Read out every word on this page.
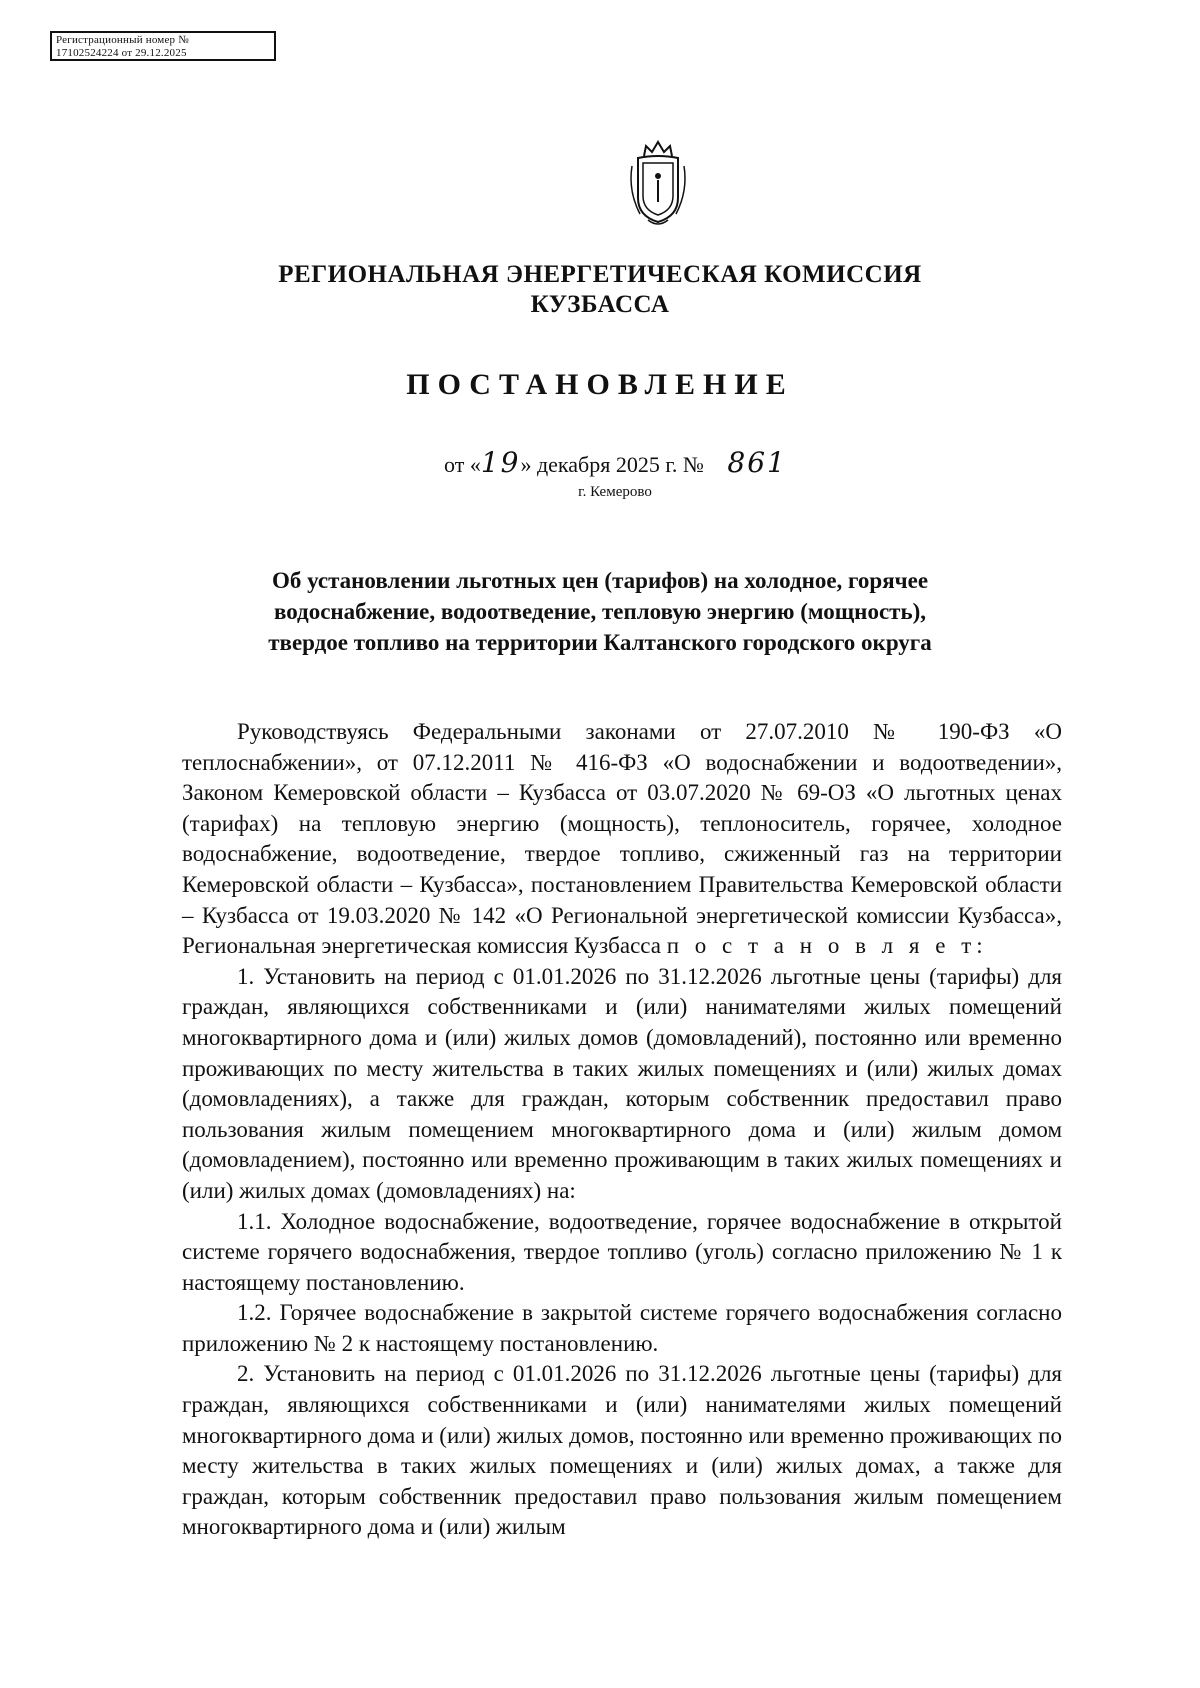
Регистрационный номер №
17102524224 от 29.12.2025
РЕГИОНАЛЬНАЯ ЭНЕРГЕТИЧЕСКАЯ КОМИССИЯ
КУЗБАССА
ПОСТАНОВЛЕНИЕ
от «19» декабря 2025 г. № 861
г. Кемерово
Об установлении льготных цен (тарифов) на холодное, горячее
водоснабжение, водоотведение, тепловую энергию (мощность),
твердое топливо на территории Калтанского городского округа

Руководствуясь Федеральными законами от 27.07.2010 № 190-ФЗ «О теплоснабжении», от 07.12.2011 № 416-ФЗ «О водоснабжении и водоотведении», Законом Кемеровской области – Кузбасса от 03.07.2020 № 69-ОЗ «О льготных ценах (тарифах) на тепловую энергию (мощность), теплоноситель, горячее, холодное водоснабжение, водоотведение, твердое топливо, сжиженный газ на территории Кемеровской области – Кузбасса», постановлением Правительства Кемеровской области – Кузбасса от 19.03.2020 № 142 «О Региональной энергетической комиссии Кузбасса», Региональная энергетическая комиссия Кузбасса п о с т а н о в л я е т:

1. Установить на период с 01.01.2026 по 31.12.2026 льготные цены (тарифы) для граждан, являющихся собственниками и (или) нанимателями жилых помещений многоквартирного дома и (или) жилых домов (домовладений), постоянно или временно проживающих по месту жительства в таких жилых помещениях и (или) жилых домах (домовладениях), а также для граждан, которым собственник предоставил право пользования жилым помещением многоквартирного дома и (или) жилым домом (домовладением), постоянно или временно проживающим в таких жилых помещениях и (или) жилых домах (домовладениях) на:

1.1. Холодное водоснабжение, водоотведение, горячее водоснабжение в открытой системе горячего водоснабжения, твердое топливо (уголь) согласно приложению № 1 к настоящему постановлению.

1.2. Горячее водоснабжение в закрытой системе горячего водоснабжения согласно приложению № 2 к настоящему постановлению.

2. Установить на период с 01.01.2026 по 31.12.2026 льготные цены (тарифы) для граждан, являющихся собственниками и (или) нанимателями жилых помещений многоквартирного дома и (или) жилых домов, постоянно или временно проживающих по месту жительства в таких жилых помещениях и (или) жилых домах, а также для граждан, которым собственник предоставил право пользования жилым помещением многоквартирного дома и (или) жилым
